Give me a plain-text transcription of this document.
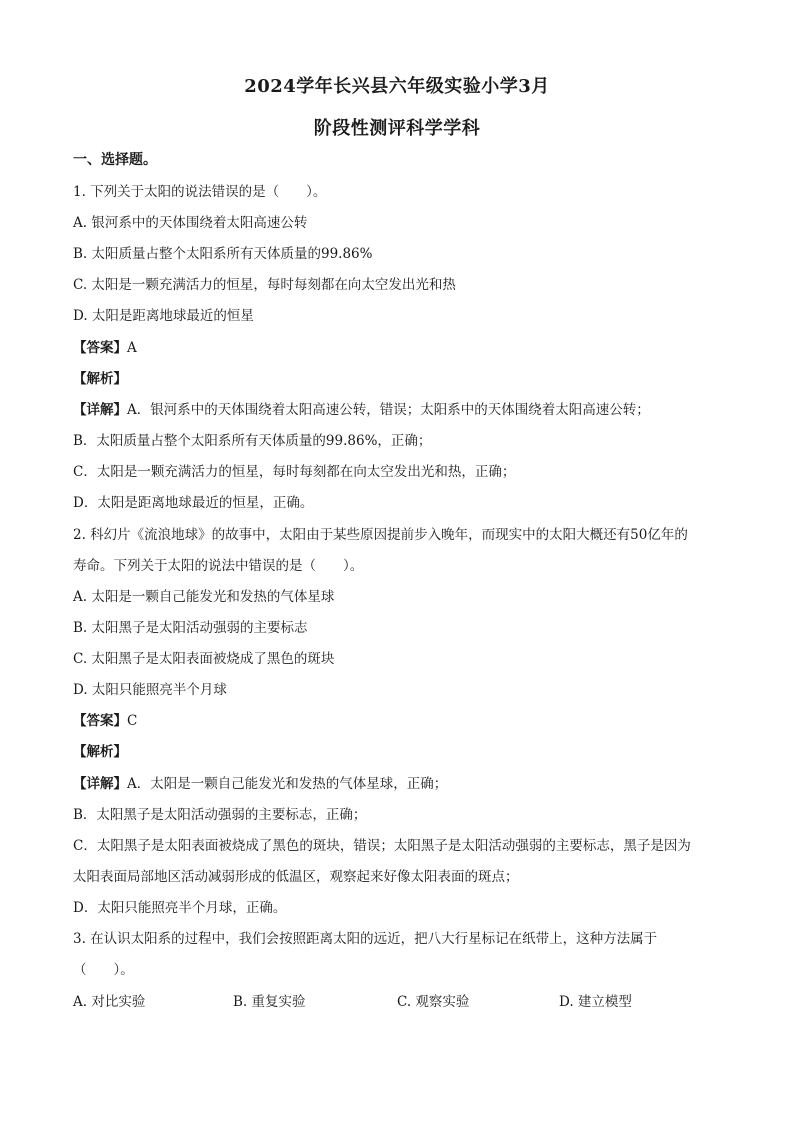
2024学年长兴县六年级实验小学3月
阶段性测评科学学科
一、选择题。
1. 下列关于太阳的说法错误的是（　　）。
A. 银河系中的天体围绕着太阳高速公转
B. 太阳质量占整个太阳系所有天体质量的99.86%
C. 太阳是一颗充满活力的恒星，每时每刻都在向太空发出光和热
D. 太阳是距离地球最近的恒星
【答案】A
【解析】
【详解】A．银河系中的天体围绕着太阳高速公转，错误；太阳系中的天体围绕着太阳高速公转；
B．太阳质量占整个太阳系所有天体质量的99.86%，正确；
C．太阳是一颗充满活力的恒星，每时每刻都在向太空发出光和热，正确；
D．太阳是距离地球最近的恒星，正确。
2. 科幻片《流浪地球》的故事中，太阳由于某些原因提前步入晚年，而现实中的太阳大概还有50亿年的
寿命。下列关于太阳的说法中错误的是（　　）。
A. 太阳是一颗自己能发光和发热的气体星球
B. 太阳黑子是太阳活动强弱的主要标志
C. 太阳黑子是太阳表面被烧成了黑色的斑块
D. 太阳只能照亮半个月球
【答案】C
【解析】
【详解】A．太阳是一颗自己能发光和发热的气体星球，正确；
B．太阳黑子是太阳活动强弱的主要标志，正确；
C．太阳黑子是太阳表面被烧成了黑色的斑块，错误；太阳黑子是太阳活动强弱的主要标志，黑子是因为
太阳表面局部地区活动减弱形成的低温区，观察起来好像太阳表面的斑点；
D．太阳只能照亮半个月球，正确。
3. 在认识太阳系的过程中，我们会按照距离太阳的远近，把八大行星标记在纸带上，这种方法属于
（　　）。
A. 对比实验	B. 重复实验	C. 观察实验	D. 建立模型
